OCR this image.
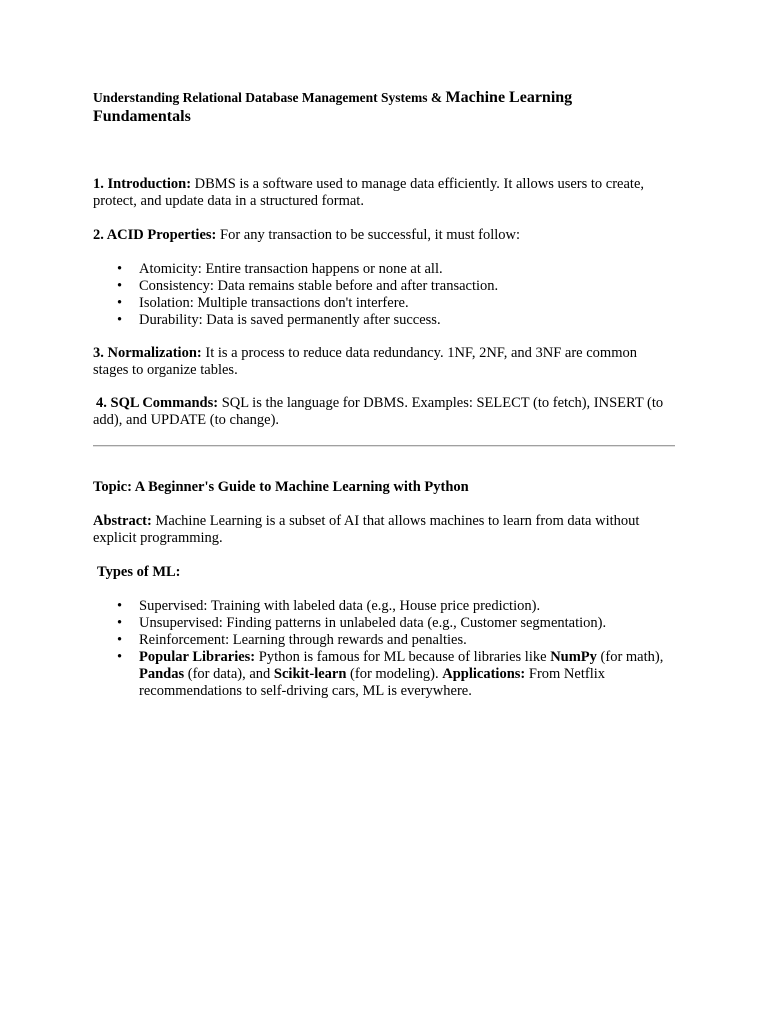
Understanding Relational Database Management Systems & Machine Learning
Fundamentals
1. Introduction: DBMS is a software used to manage data efficiently. It allows users to create, protect, and update data in a structured format.
2. ACID Properties: For any transaction to be successful, it must follow:
• Atomicity: Entire transaction happens or none at all.
• Consistency: Data remains stable before and after transaction.
• Isolation: Multiple transactions don't interfere.
• Durability: Data is saved permanently after success.
3. Normalization: It is a process to reduce data redundancy. 1NF, 2NF, and 3NF are common stages to organize tables.
4. SQL Commands: SQL is the language for DBMS. Examples: SELECT (to fetch), INSERT (to add), and UPDATE (to change).
Topic: A Beginner's Guide to Machine Learning with Python
Abstract: Machine Learning is a subset of AI that allows machines to learn from data without explicit programming.
Types of ML:
• Supervised: Training with labeled data (e.g., House price prediction).
• Unsupervised: Finding patterns in unlabeled data (e.g., Customer segmentation).
• Reinforcement: Learning through rewards and penalties.
• Popular Libraries: Python is famous for ML because of libraries like NumPy (for math), Pandas (for data), and Scikit-learn (for modeling). Applications: From Netflix recommendations to self-driving cars, ML is everywhere.
